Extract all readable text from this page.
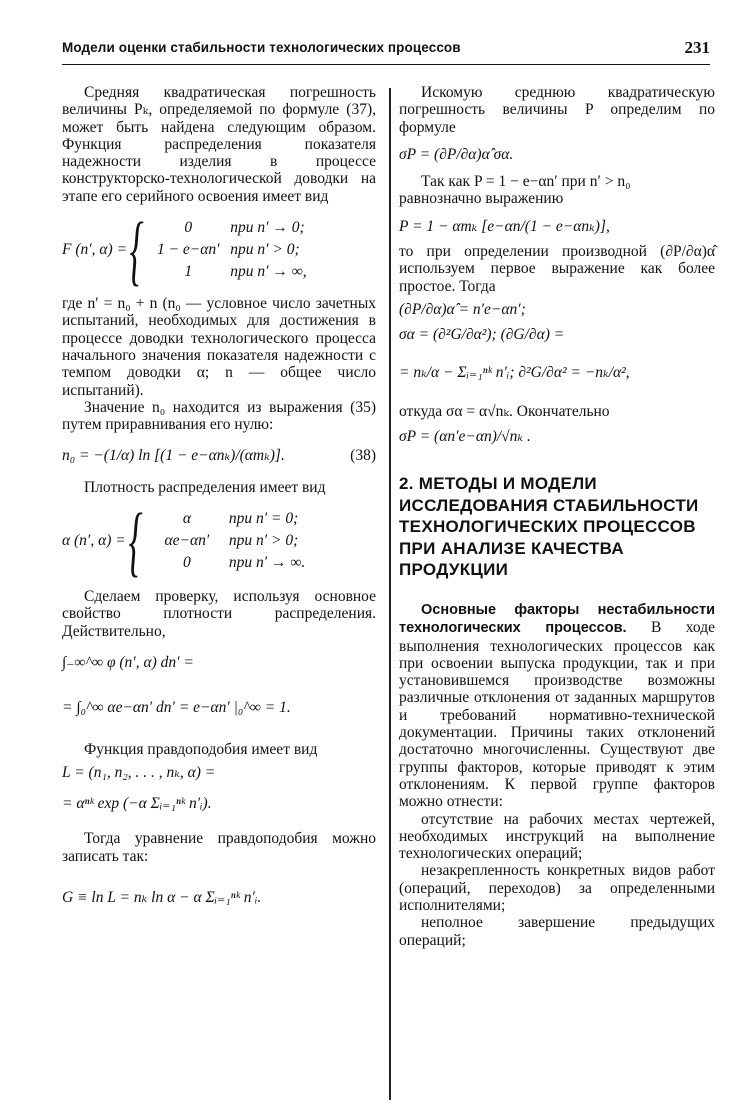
Модели оценки стабильности технологических процессов	231

Средняя квадратическая погрешность величины Pₖ, определяемой по формуле (37), может быть найдена следующим образом. Функция распределения показателя надежности изделия в процессе конструкторско-технологической доводки на этапе его серийного освоения имеет вид

F (n′, α) = {	0	при n′ → 0;
1 − e−αn′ при n′ > 0;
1	при n′ → ∞,

где n′ = n₀ + n (n₀ — условное число зачетных испытаний, необходимых для достижения в процессе доводки технологического процесса начального значения показателя надежности с темпом доводки α; n — общее число испытаний).

Значение n₀ находится из выражения (35) путем приравнивания его нулю:

n₀ = −(1/α) ln [(1 − e−αnₖ)/(αmₖ)].	(38)

Плотность распределения имеет вид

α (n′, α) = {	α	при n′ = 0;
αe−αn′	при n′ > 0;
0	при n′ → ∞.

Сделаем проверку, используя основное свойство плотности распределения. Действительно,

∫₋∞^∞ φ (n′, α) dn′ =

= ∫₀^∞ αe−αn′ dn′ = e−αn′ |₀^∞ = 1.

Функция правдоподобия имеет вид

L = (n₁, n₂, . . . , nₖ, α) =

= αⁿᵏ exp (−α Σᵢ₌₁ⁿᵏ n′ᵢ).

Тогда уравнение правдоподобия можно записать так:

G ≡ ln L = nₖ ln α − α Σᵢ₌₁ⁿᵏ n′ᵢ.

Искомую среднюю квадратическую погрешность величины P определим по формуле

σP = (∂P/∂α)α̂ σα.

Так как P = 1 − e−αn′ при n′ > n₀

равнозначно выражению

P = 1 − αmₖ [e−αn/(1 − e−αnₖ)],

то при определении производной (∂P/∂α)α̂ используем первое выражение как более простое. Тогда

(∂P/∂α)α̂ = n′e−αn′;

σα = (∂²G/∂α²); (∂G/∂α) =

= nₖ/α − Σᵢ₌₁ⁿᵏ n′ᵢ; ∂²G/∂α² = −nₖ/α²,

откуда σα = α√nₖ. Окончательно

σP = (αn′e−αn)/√nₖ .

2. МЕТОДЫ И МОДЕЛИ ИССЛЕДОВАНИЯ СТАБИЛЬНОСТИ ТЕХНОЛОГИЧЕСКИХ ПРОЦЕССОВ ПРИ АНАЛИЗЕ КАЧЕСТВА ПРОДУКЦИИ

Основные факторы нестабильности технологических процессов. В ходе выполнения технологических процессов как при освоении выпуска продукции, так и при установившемся производстве возможны различные отклонения от заданных маршрутов и требований нормативно-технической документации. Причины таких отклонений достаточно многочисленны. Существуют две группы факторов, которые приводят к этим отклонениям. К первой группе факторов можно отнести:

отсутствие на рабочих местах чертежей, необходимых инструкций на выполнение технологических операций;

незакрепленность конкретных видов работ (операций, переходов) за определенными исполнителями;

неполное завершение предыдущих операций;
